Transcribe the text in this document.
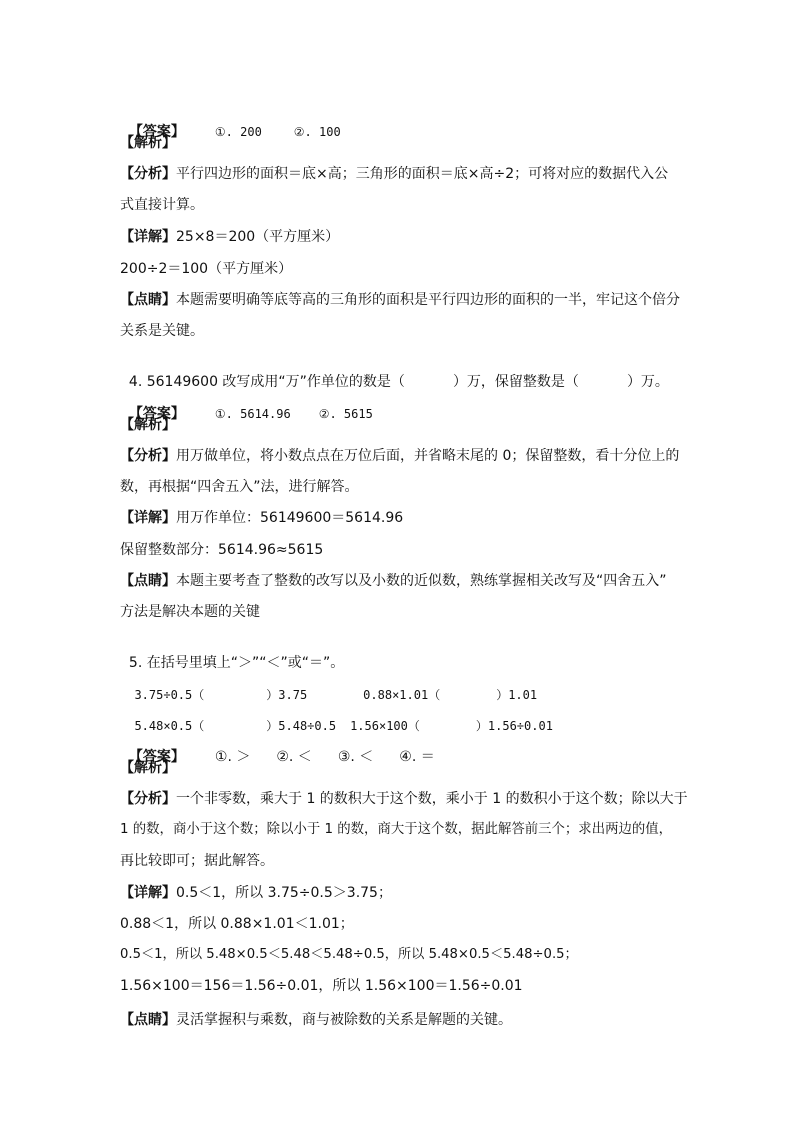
【答案】	①. 200	②. 100

【解析】
【分析】平行四边形的面积＝底×高；三角形的面积＝底×高÷2；可将对应的数据代入公
式直接计算。
【详解】25×8＝200（平方厘米）
200÷2＝100（平方厘米）
【点睛】本题需要明确等底等高的三角形的面积是平行四边形的面积的一半，牢记这个倍分
关系是关键。

4. 56149600 改写成用“万”作单位的数是（	）万，保留整数是（	）万。

【答案】	①. 5614.96 ②. 5615

【解析】
【分析】用万做单位，将小数点点在万位后面，并省略末尾的 0；保留整数，看十分位上的
数，再根据“四舍五入”法，进行解答。
【详解】用万作单位：56149600＝5614.96
保留整数部分：5614.96≈5615
【点睛】本题主要考查了整数的改写以及小数的近似数，熟练掌握相关改写及“四舍五入”
方法是解决本题的关键

5. 在括号里填上“＞”“＜”或“＝”。

3.75÷0.5（	）3.75	0.88×1.01（	）1.01

5.48×0.5（	）5.48÷0.5 1.56×100（	）1.56÷0.01

【答案】 ①. ＞ ②. ＜ ③. ＜ ④. ＝

【解析】
【分析】一个非零数，乘大于 1 的数积大于这个数，乘小于 1 的数积小于这个数；除以大于
1 的数，商小于这个数；除以小于 1 的数，商大于这个数，据此解答前三个；求出两边的值，
再比较即可；据此解答。
【详解】0.5＜1，所以 3.75÷0.5＞3.75；
0.88＜1，所以 0.88×1.01＜1.01；
0.5＜1，所以 5.48×0.5＜5.48＜5.48÷0.5，所以 5.48×0.5＜5.48÷0.5；
1.56×100＝156＝1.56÷0.01，所以 1.56×100＝1.56÷0.01
【点睛】灵活掌握积与乘数，商与被除数的关系是解题的关键。
